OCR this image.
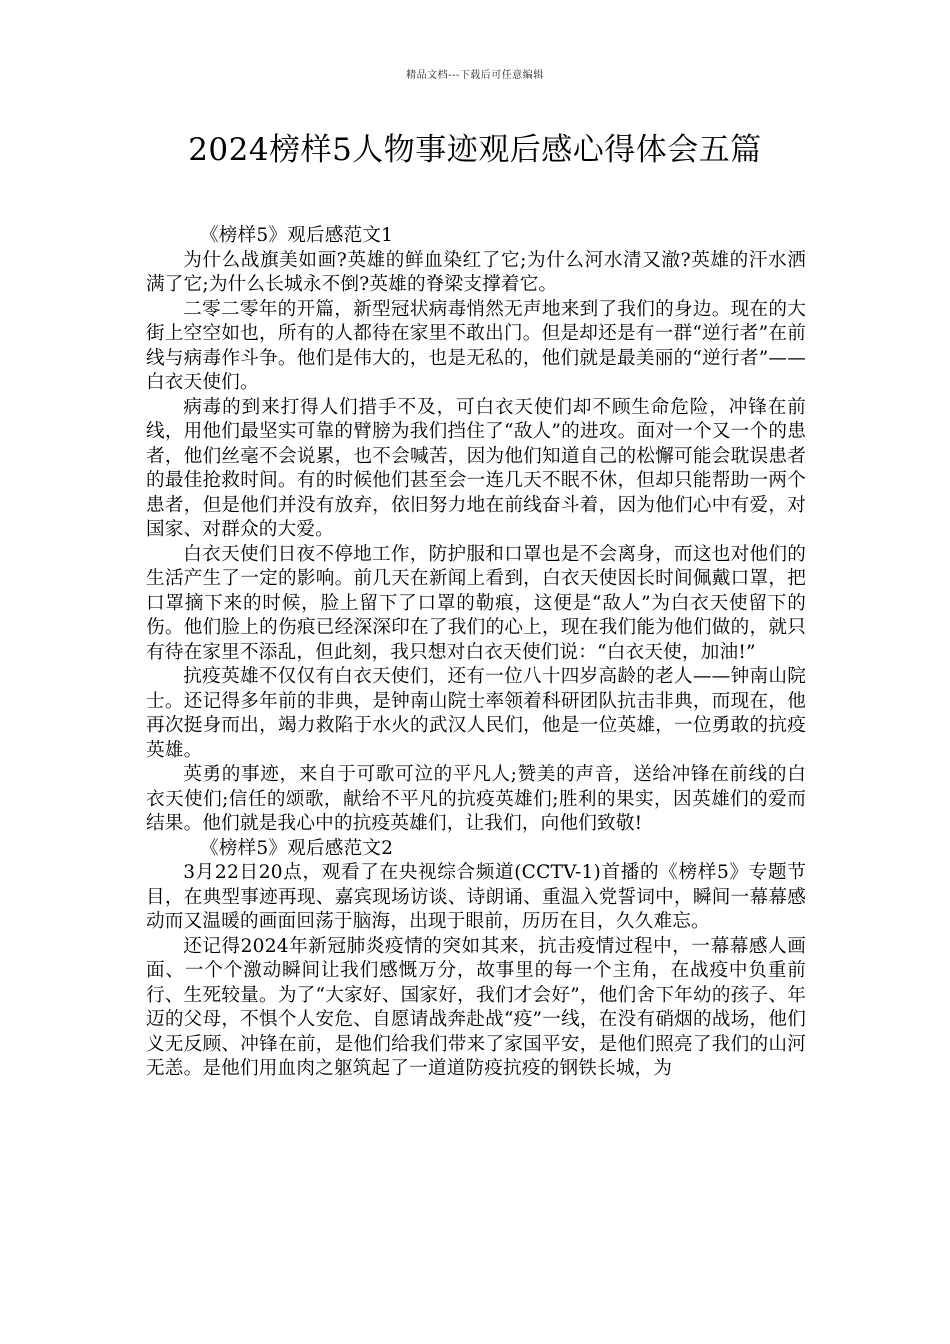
精品文档---下载后可任意编辑
2024榜样5人物事迹观后感心得体会五篇

《榜样5》观后感范文1

为什么战旗美如画?英雄的鲜血染红了它;为什么河水清又澈?英雄的汗水洒满了它;为什么长城永不倒?英雄的脊梁支撑着它。

二零二零年的开篇，新型冠状病毒悄然无声地来到了我们的身边。现在的大街上空空如也，所有的人都待在家里不敢出门。但是却还是有一群“逆行者”在前线与病毒作斗争。他们是伟大的，也是无私的，他们就是最美丽的“逆行者”——白衣天使们。

病毒的到来打得人们措手不及，可白衣天使们却不顾生命危险，冲锋在前线，用他们最坚实可靠的臂膀为我们挡住了“敌人”的进攻。面对一个又一个的患者，他们丝毫不会说累，也不会喊苦，因为他们知道自己的松懈可能会耽误患者的最佳抢救时间。有的时候他们甚至会一连几天不眠不休，但却只能帮助一两个患者，但是他们并没有放弃，依旧努力地在前线奋斗着，因为他们心中有爱，对国家、对群众的大爱。

白衣天使们日夜不停地工作，防护服和口罩也是不会离身，而这也对他们的生活产生了一定的影响。前几天在新闻上看到，白衣天使因长时间佩戴口罩，把口罩摘下来的时候，脸上留下了口罩的勒痕，这便是“敌人”为白衣天使留下的伤。他们脸上的伤痕已经深深印在了我们的心上，现在我们能为他们做的，就只有待在家里不添乱，但此刻，我只想对白衣天使们说：“白衣天使，加油!”

抗疫英雄不仅仅有白衣天使们，还有一位八十四岁高龄的老人——钟南山院士。还记得多年前的非典，是钟南山院士率领着科研团队抗击非典，而现在，他再次挺身而出，竭力救陷于水火的武汉人民们，他是一位英雄，一位勇敢的抗疫英雄。

英勇的事迹，来自于可歌可泣的平凡人;赞美的声音，送给冲锋在前线的白衣天使们;信任的颂歌，献给不平凡的抗疫英雄们;胜利的果实，因英雄们的爱而结果。他们就是我心中的抗疫英雄们，让我们，向他们致敬!

《榜样5》观后感范文2

3月22日20点，观看了在央视综合频道(CCTV-1)首播的《榜样5》专题节目，在典型事迹再现、嘉宾现场访谈、诗朗诵、重温入党誓词中，瞬间一幕幕感动而又温暖的画面回荡于脑海，出现于眼前，历历在目，久久难忘。

还记得2024年新冠肺炎疫情的突如其来，抗击疫情过程中，一幕幕感人画面、一个个激动瞬间让我们感慨万分，故事里的每一个主角，在战疫中负重前行、生死较量。为了“大家好、国家好，我们才会好”，他们舍下年幼的孩子、年迈的父母，不惧个人安危、自愿请战奔赴战“疫”一线，在没有硝烟的战场，他们义无反顾、冲锋在前，是他们给我们带来了家国平安，是他们照亮了我们的山河无恙。是他们用血肉之躯筑起了一道道防疫抗疫的钢铁长城，为
